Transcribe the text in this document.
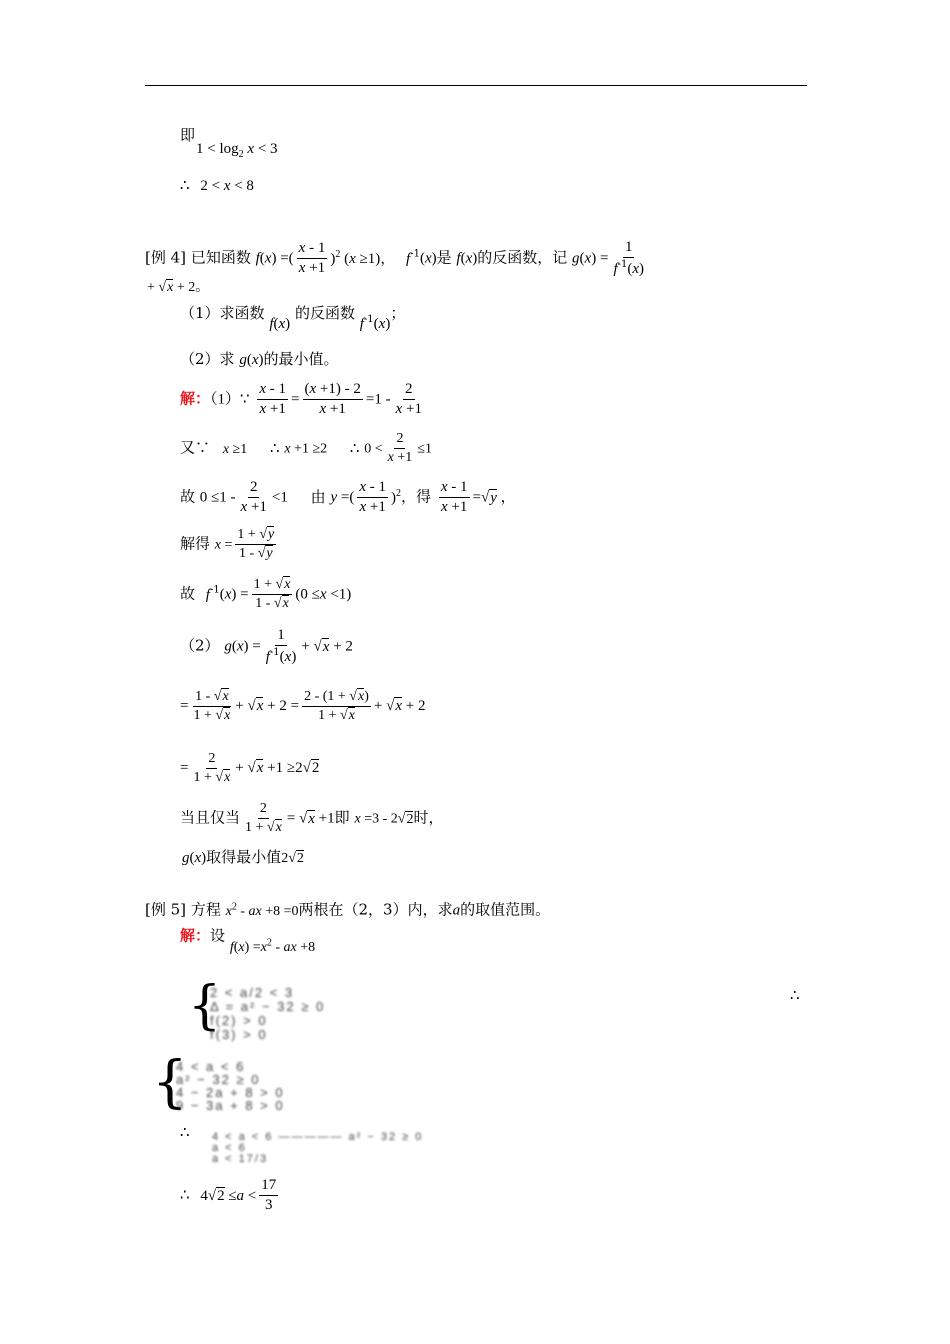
即
$1 < \log_2 x < 3$
∴ 2 < x < 8
[例 4] 已知函数 f(x) =( $\frac{x - 1}{x +1} )^2$ (x ≥1)， $f^{-1}(x)$是 f(x)的反函数，记 $g(x) = \frac{1}{f^{-1}(x)}$
+ √x + 2。
（1）求函数 f(x) 的反函数 $f^{-1}(x)$；
（2）求 g(x)的最小值。
解：（1）∵ $\frac{x - 1}{x +1} = \frac{(x +1) - 2}{x +1} =1 - \frac{2}{x +1}$
又∵ x ≥1 ∴ x +1 ≥2 ∴ $0 < \frac{2}{x +1} \le 1$
故 $0 \le 1 - \frac{2}{x +1} <1$ 由 y =( $\frac{x - 1}{x +1} )^2$，得 $\frac{x - 1}{x +1} =√y$ ，
解得 $x = \frac{1 + √y}{1 - √y}$
故 $f^{-1}(x) = \frac{1 + √x}{1 - √x} (0 \le x <1)$
（2） $g(x) = \frac{1}{f^{-1}(x)} + √x + 2$
= $\frac{1 - √x}{1 + √x} + √x + 2 = \frac{2 - (1 + √x)}{1 + √x} + √x + 2$
= $\frac{2}{1 + √x} + √x +1 \ge 2√2$
当且仅当 $\frac{2}{1 + √x} = √x +1$即 x =3 - 2√2时，
g(x)取得最小值2√2
[例 5] 方程 $x^2$ - ax +8 =0两根在（2，3）内，求a的取值范围。
解：设 $f(x) =x^2$ - ax +8
{
2 < a/2 < 3
Δ = a² − 32 ≥ 0
f(2) > 0
f(3) > 0
∴
{
4 < a < 6
a² − 32 ≥ 0
4 − 2a + 8 > 0
9 − 3a + 8 > 0
∴ 4 < a < 6 ————— a² − 32 ≥ 0
a < 6
a < 17/3
∴ $4√2 \le a < \frac{17}{3}$
